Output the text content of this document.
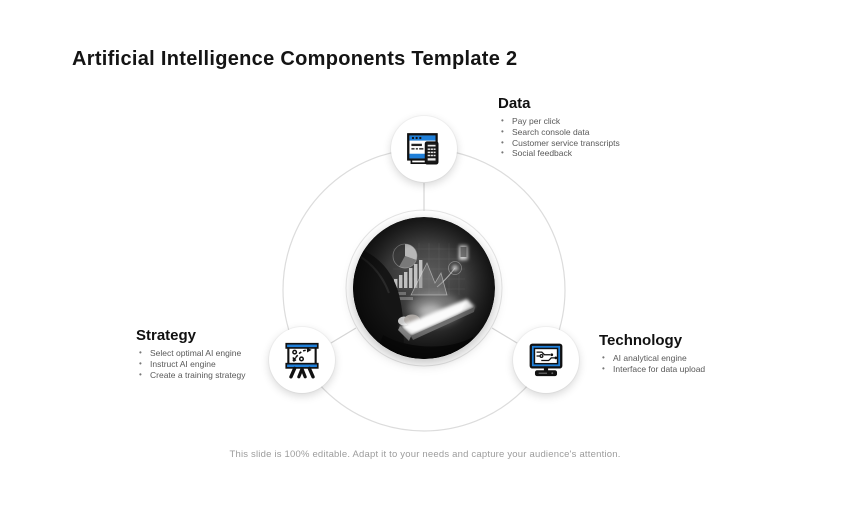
Artificial Intelligence Components Template 2
Data
• Pay per click
• Search console data
• Customer service transcripts
• Social feedback
Strategy
• Select optimal AI engine
• Instruct AI engine
• Create a training strategy
Technology
• AI analytical engine
• Interface for data upload

This slide is 100% editable. Adapt it to your needs and capture your audience's attention.
